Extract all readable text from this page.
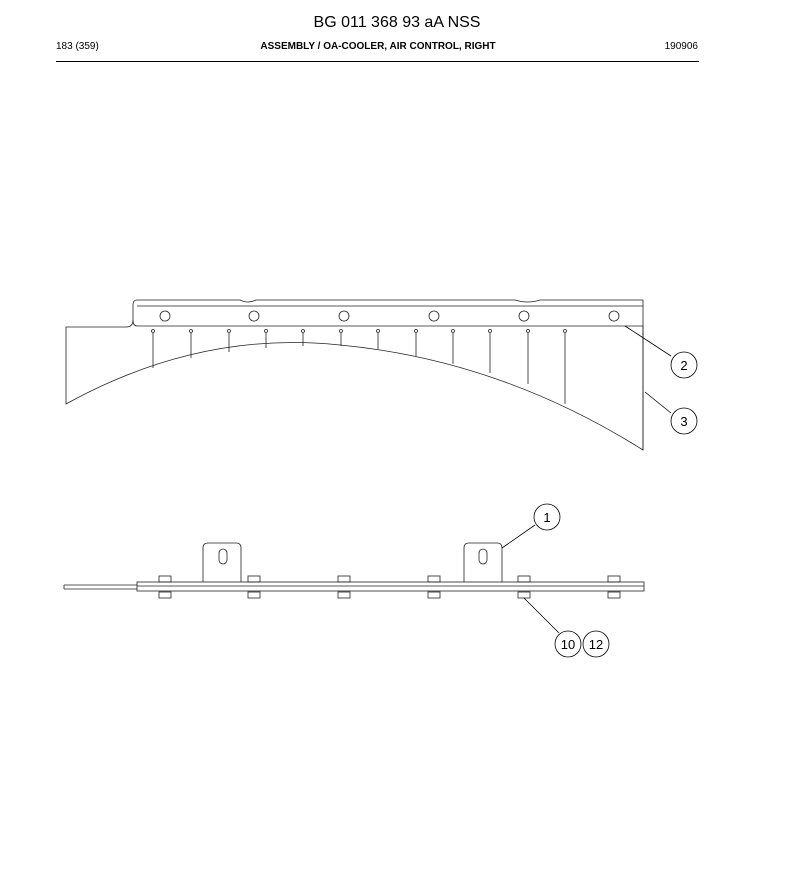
BG 011 368 93 aA NSS
183 (359)	ASSEMBLY / OA-COOLER, AIR CONTROL, RIGHT	190906
2
3
1
10 12
